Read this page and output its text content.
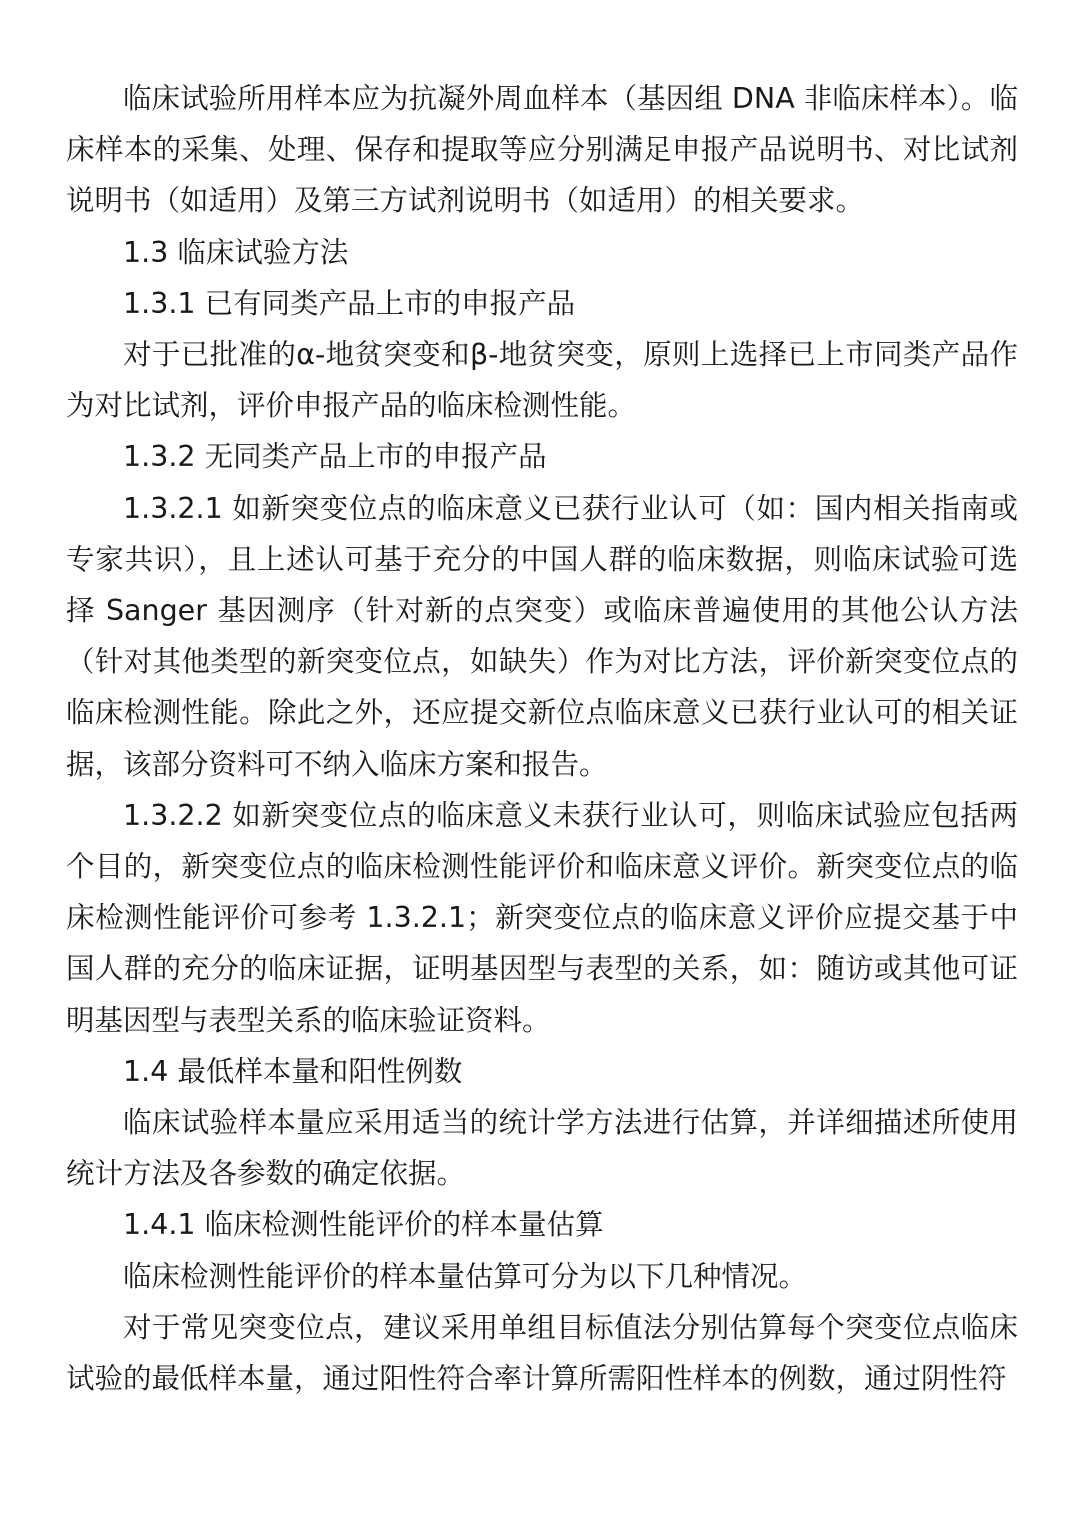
临床试验所用样本应为抗凝外周血样本（基因组 DNA 非临床样本）。临床样本的采集、处理、保存和提取等应分别满足申报产品说明书、对比试剂说明书（如适用）及第三方试剂说明书（如适用）的相关要求。

1.3 临床试验方法

1.3.1 已有同类产品上市的申报产品

对于已批准的α-地贫突变和β-地贫突变，原则上选择已上市同类产品作为对比试剂，评价申报产品的临床检测性能。

1.3.2 无同类产品上市的申报产品

1.3.2.1 如新突变位点的临床意义已获行业认可（如：国内相关指南或专家共识），且上述认可基于充分的中国人群的临床数据，则临床试验可选择 Sanger 基因测序（针对新的点突变）或临床普遍使用的其他公认方法（针对其他类型的新突变位点，如缺失）作为对比方法，评价新突变位点的临床检测性能。除此之外，还应提交新位点临床意义已获行业认可的相关证据，该部分资料可不纳入临床方案和报告。

1.3.2.2 如新突变位点的临床意义未获行业认可，则临床试验应包括两个目的，新突变位点的临床检测性能评价和临床意义评价。新突变位点的临床检测性能评价可参考 1.3.2.1；新突变位点的临床意义评价应提交基于中国人群的充分的临床证据，证明基因型与表型的关系，如：随访或其他可证明基因型与表型关系的临床验证资料。

1.4 最低样本量和阳性例数

临床试验样本量应采用适当的统计学方法进行估算，并详细描述所使用统计方法及各参数的确定依据。

1.4.1 临床检测性能评价的样本量估算

临床检测性能评价的样本量估算可分为以下几种情况。

对于常见突变位点，建议采用单组目标值法分别估算每个突变位点临床试验的最低样本量，通过阳性符合率计算所需阳性样本的例数，通过阴性符
